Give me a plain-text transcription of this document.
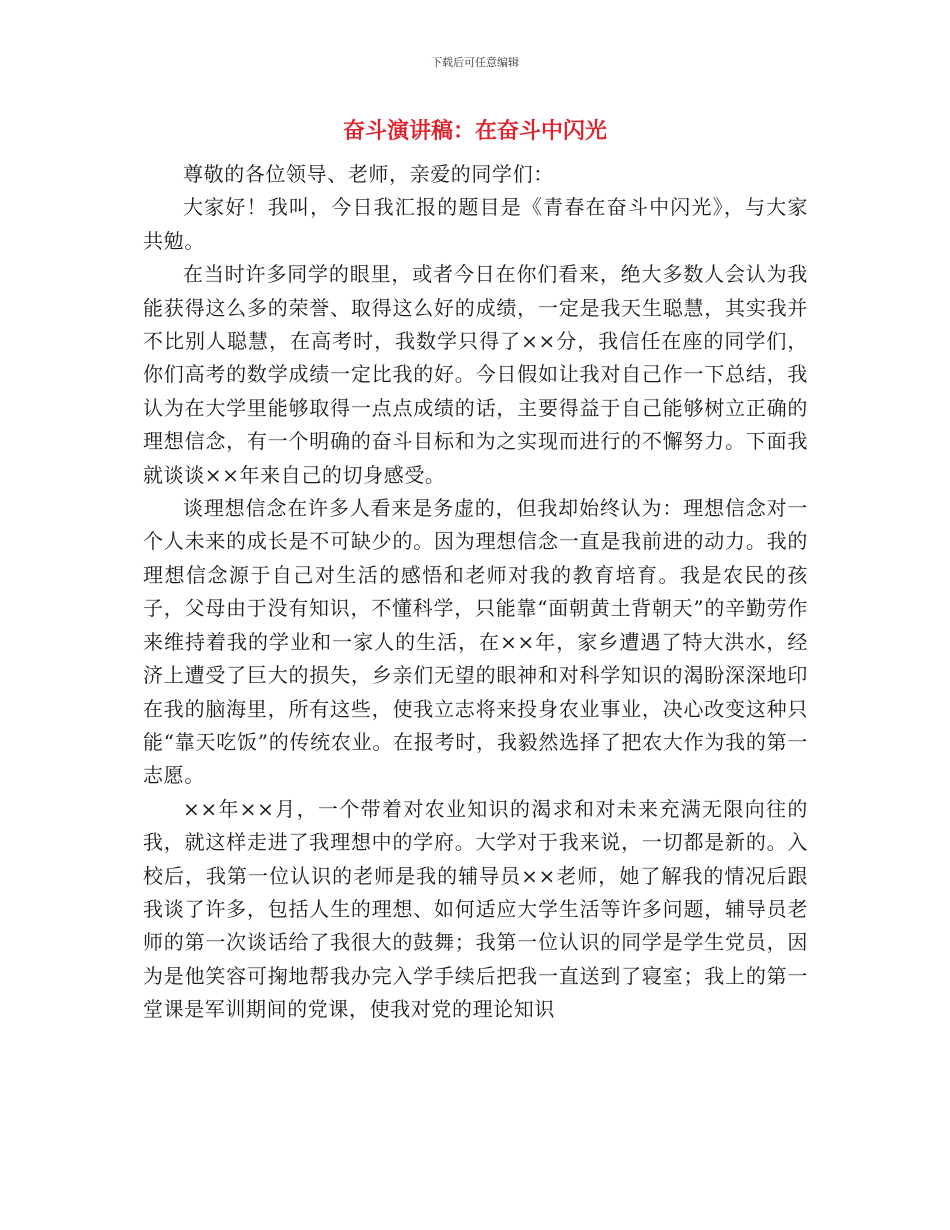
下载后可任意编辑
奋斗演讲稿：在奋斗中闪光

尊敬的各位领导、老师，亲爱的同学们：

大家好！我叫，今日我汇报的题目是《青春在奋斗中闪光》，与大家共勉。

在当时许多同学的眼里，或者今日在你们看来，绝大多数人会认为我能获得这么多的荣誉、取得这么好的成绩，一定是我天生聪慧，其实我并不比别人聪慧，在高考时，我数学只得了××分，我信任在座的同学们，你们高考的数学成绩一定比我的好。今日假如让我对自己作一下总结，我认为在大学里能够取得一点点成绩的话，主要得益于自己能够树立正确的理想信念，有一个明确的奋斗目标和为之实现而进行的不懈努力。下面我就谈谈××年来自己的切身感受。

谈理想信念在许多人看来是务虚的，但我却始终认为：理想信念对一个人未来的成长是不可缺少的。因为理想信念一直是我前进的动力。我的理想信念源于自己对生活的感悟和老师对我的教育培育。我是农民的孩子，父母由于没有知识，不懂科学，只能靠“面朝黄土背朝天”的辛勤劳作来维持着我的学业和一家人的生活，在××年，家乡遭遇了特大洪水，经济上遭受了巨大的损失，乡亲们无望的眼神和对科学知识的渴盼深深地印在我的脑海里，所有这些，使我立志将来投身农业事业，决心改变这种只能“靠天吃饭”的传统农业。在报考时，我毅然选择了把农大作为我的第一志愿。

××年××月，一个带着对农业知识的渴求和对未来充满无限向往的我，就这样走进了我理想中的学府。大学对于我来说，一切都是新的。入校后，我第一位认识的老师是我的辅导员××老师，她了解我的情况后跟我谈了许多，包括人生的理想、如何适应大学生活等许多问题，辅导员老师的第一次谈话给了我很大的鼓舞；我第一位认识的同学是学生党员，因为是他笑容可掬地帮我办完入学手续后把我一直送到了寝室；我上的第一堂课是军训期间的党课，使我对党的理论知识
